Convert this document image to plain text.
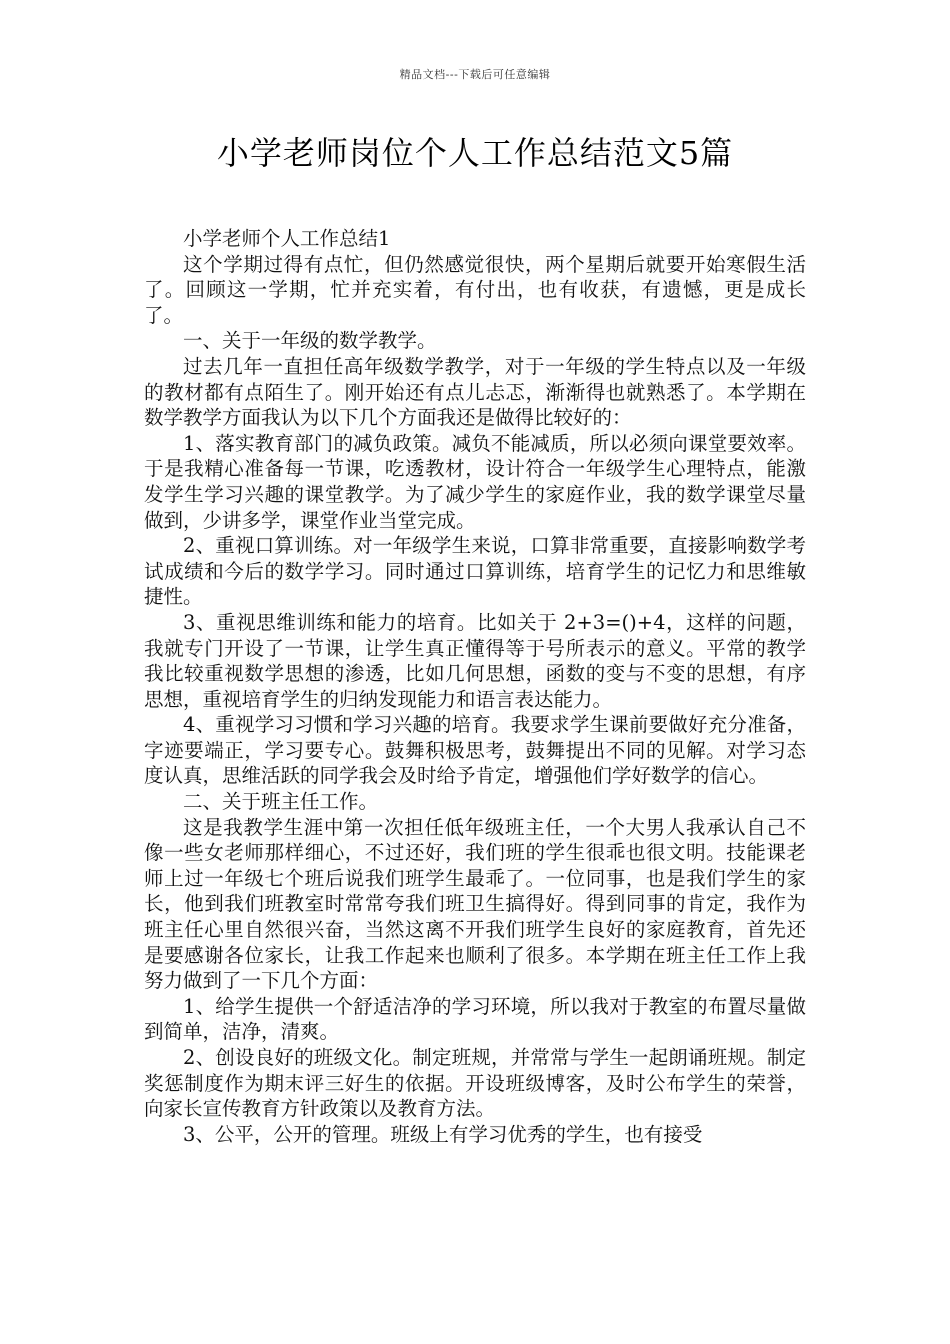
精品文档---下载后可任意编辑
小学老师岗位个人工作总结范文5篇

小学老师个人工作总结1

这个学期过得有点忙，但仍然感觉很快，两个星期后就要开始寒假生活了。回顾这一学期，忙并充实着，有付出，也有收获，有遗憾，更是成长了。

一、关于一年级的数学教学。

过去几年一直担任高年级数学教学，对于一年级的学生特点以及一年级的教材都有点陌生了。刚开始还有点儿忐忑，渐渐得也就熟悉了。本学期在数学教学方面我认为以下几个方面我还是做得比较好的：

1、落实教育部门的减负政策。减负不能减质，所以必须向课堂要效率。于是我精心准备每一节课，吃透教材，设计符合一年级学生心理特点，能激发学生学习兴趣的课堂教学。为了减少学生的家庭作业，我的数学课堂尽量做到，少讲多学，课堂作业当堂完成。

2、重视口算训练。对一年级学生来说，口算非常重要，直接影响数学考试成绩和今后的数学学习。同时通过口算训练，培育学生的记忆力和思维敏捷性。

3、重视思维训练和能力的培育。比如关于 2+3=()+4，这样的问题，我就专门开设了一节课，让学生真正懂得等于号所表示的意义。平常的教学我比较重视数学思想的渗透，比如几何思想，函数的变与不变的思想，有序思想，重视培育学生的归纳发现能力和语言表达能力。

4、重视学习习惯和学习兴趣的培育。我要求学生课前要做好充分准备，字迹要端正，学习要专心。鼓舞积极思考，鼓舞提出不同的见解。对学习态度认真，思维活跃的同学我会及时给予肯定，增强他们学好数学的信心。

二、关于班主任工作。

这是我教学生涯中第一次担任低年级班主任，一个大男人我承认自己不像一些女老师那样细心，不过还好，我们班的学生很乖也很文明。技能课老师上过一年级七个班后说我们班学生最乖了。一位同事，也是我们学生的家长，他到我们班教室时常常夸我们班卫生搞得好。得到同事的肯定，我作为班主任心里自然很兴奋，当然这离不开我们班学生良好的家庭教育，首先还是要感谢各位家长，让我工作起来也顺利了很多。本学期在班主任工作上我努力做到了一下几个方面：

1、给学生提供一个舒适洁净的学习环境，所以我对于教室的布置尽量做到简单，洁净，清爽。

2、创设良好的班级文化。制定班规，并常常与学生一起朗诵班规。制定奖惩制度作为期末评三好生的依据。开设班级博客，及时公布学生的荣誉，向家长宣传教育方针政策以及教育方法。

3、公平，公开的管理。班级上有学习优秀的学生，也有接受
